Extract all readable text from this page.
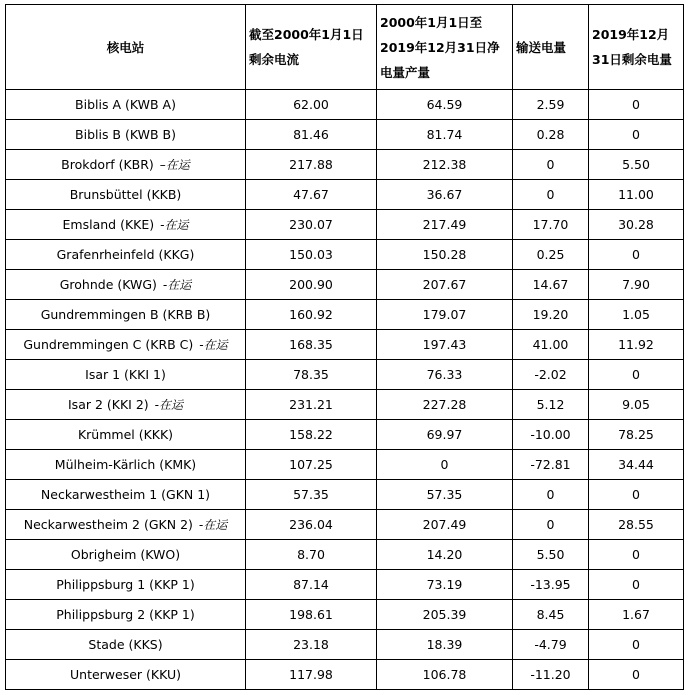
核电站	截至2000年1月1日剩余电流	2000年1月1日至2019年12月31日净电量产量	输送电量	2019年12月31日剩余电量
Biblis A (KWB A)	62.00	64.59	2.59	0
Biblis B (KWB B)	81.46	81.74	0.28	0
Brokdorf (KBR) –在运	217.88	212.38	0	5.50
Brunsbüttel (KKB)	47.67	36.67	0	11.00
Emsland (KKE) -在运	230.07	217.49	17.70	30.28
Grafenrheinfeld (KKG)	150.03	150.28	0.25	0
Grohnde (KWG) -在运	200.90	207.67	14.67	7.90
Gundremmingen B (KRB B)	160.92	179.07	19.20	1.05
Gundremmingen C (KRB C) -在运	168.35	197.43	41.00	11.92
Isar 1 (KKI 1)	78.35	76.33	-2.02	0
Isar 2 (KKI 2) -在运	231.21	227.28	5.12	9.05
Krümmel (KKK)	158.22	69.97	-10.00	78.25
Mülheim-Kärlich (KMK)	107.25	0	-72.81	34.44
Neckarwestheim 1 (GKN 1)	57.35	57.35	0	0
Neckarwestheim 2 (GKN 2) -在运	236.04	207.49	0	28.55
Obrigheim (KWO)	8.70	14.20	5.50	0
Philippsburg 1 (KKP 1)	87.14	73.19	-13.95	0
Philippsburg 2 (KKP 1)	198.61	205.39	8.45	1.67
Stade (KKS)	23.18	18.39	-4.79	0
Unterweser (KKU)	117.98	106.78	-11.20	0
